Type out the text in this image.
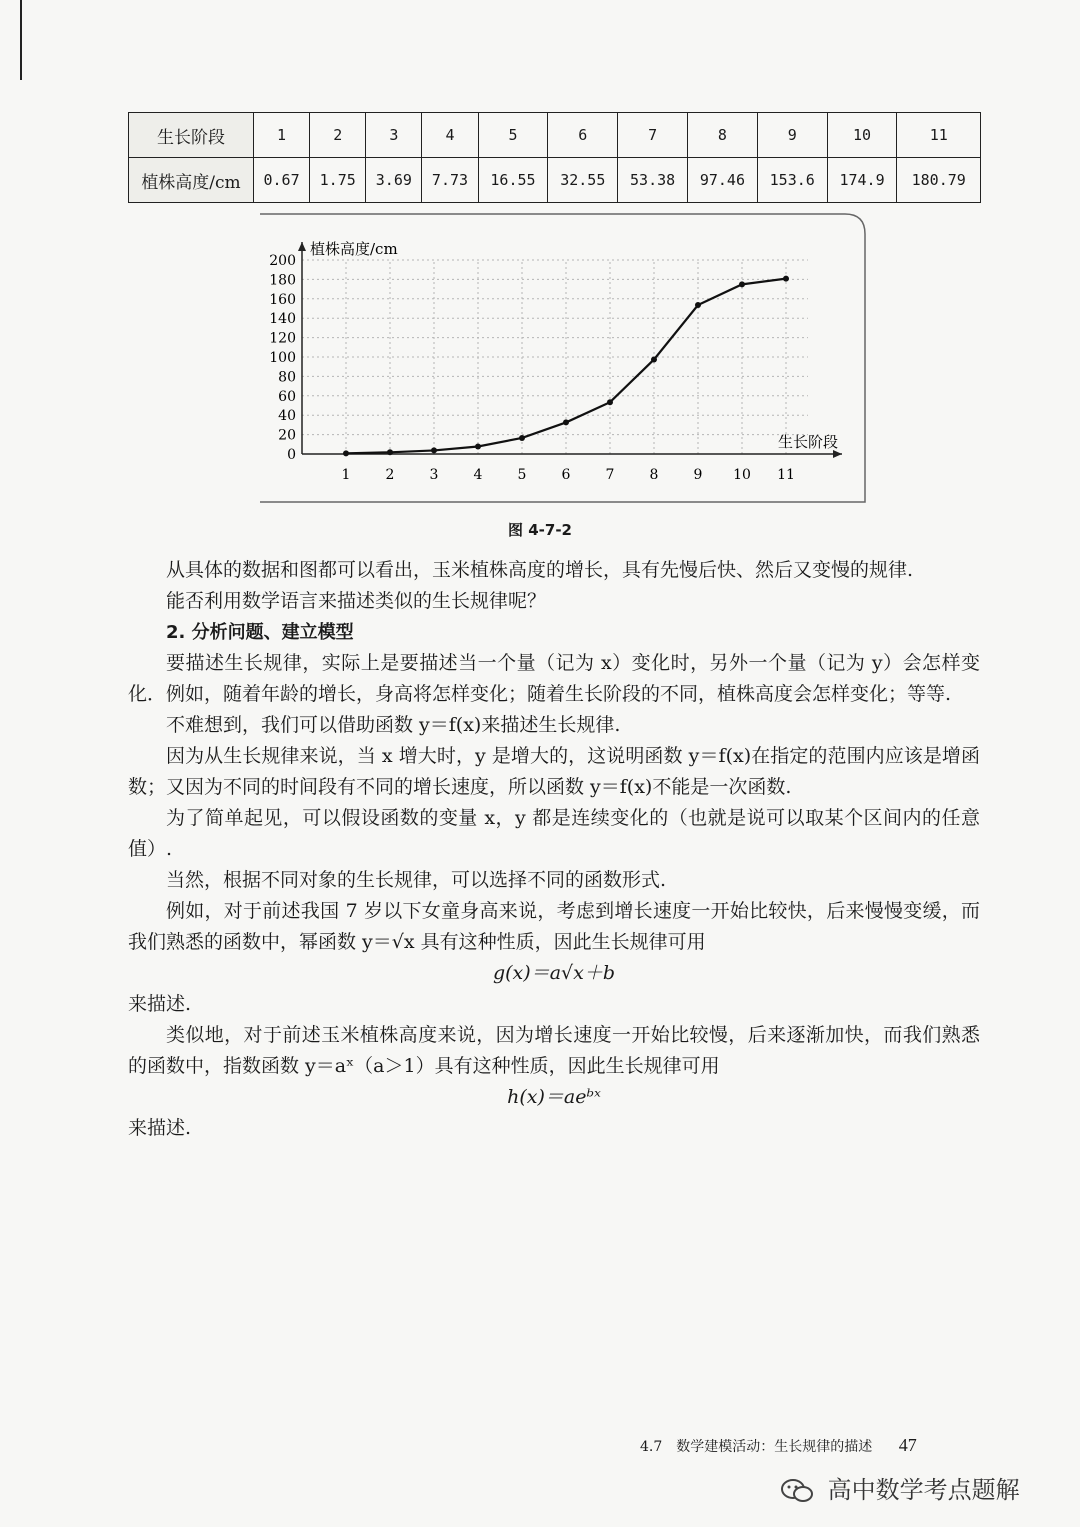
生长阶段	1	2	3	4	5	6	7	8	9	10	11
植株高度/cm	0.67	1.75	3.69	7.73	16.55	32.55	53.38	97.46	153.6	174.9	180.79
0
20
40
60
80
100
120
140
160
180
200
1	2	3	4	5	6	7	8	9 10 11
植株高度/cm
生长阶段
图 4-7-2

从具体的数据和图都可以看出，玉米植株高度的增长，具有先慢后快、然后又变慢的规律.

能否利用数学语言来描述类似的生长规律呢？

2. 分析问题、建立模型

要描述生长规律，实际上是要描述当一个量（记为 x）变化时，另外一个量（记为 y）会怎样变化．例如，随着年龄的增长，身高将怎样变化；随着生长阶段的不同，植株高度会怎样变化；等等.

不难想到，我们可以借助函数 y＝f(x)来描述生长规律.

因为从生长规律来说，当 x 增大时，y 是增大的，这说明函数 y＝f(x)在指定的范围内应该是增函数；又因为不同的时间段有不同的增长速度，所以函数 y＝f(x)不能是一次函数.

为了简单起见，可以假设函数的变量 x，y 都是连续变化的（也就是说可以取某个区间内的任意值）.

当然，根据不同对象的生长规律，可以选择不同的函数形式.

例如，对于前述我国 7 岁以下女童身高来说，考虑到增长速度一开始比较快，后来慢慢变缓，而我们熟悉的函数中，幂函数 y＝√x 具有这种性质，因此生长规律可用

g(x)＝a√x＋b

来描述.

类似地，对于前述玉米植株高度来说，因为增长速度一开始比较慢，后来逐渐加快，而我们熟悉的函数中，指数函数 y＝aˣ（a＞1）具有这种性质，因此生长规律可用

h(x)＝aeᵇˣ

来描述.

4.7　数学建模活动：生长规律的描述 47
高中数学考点题解
